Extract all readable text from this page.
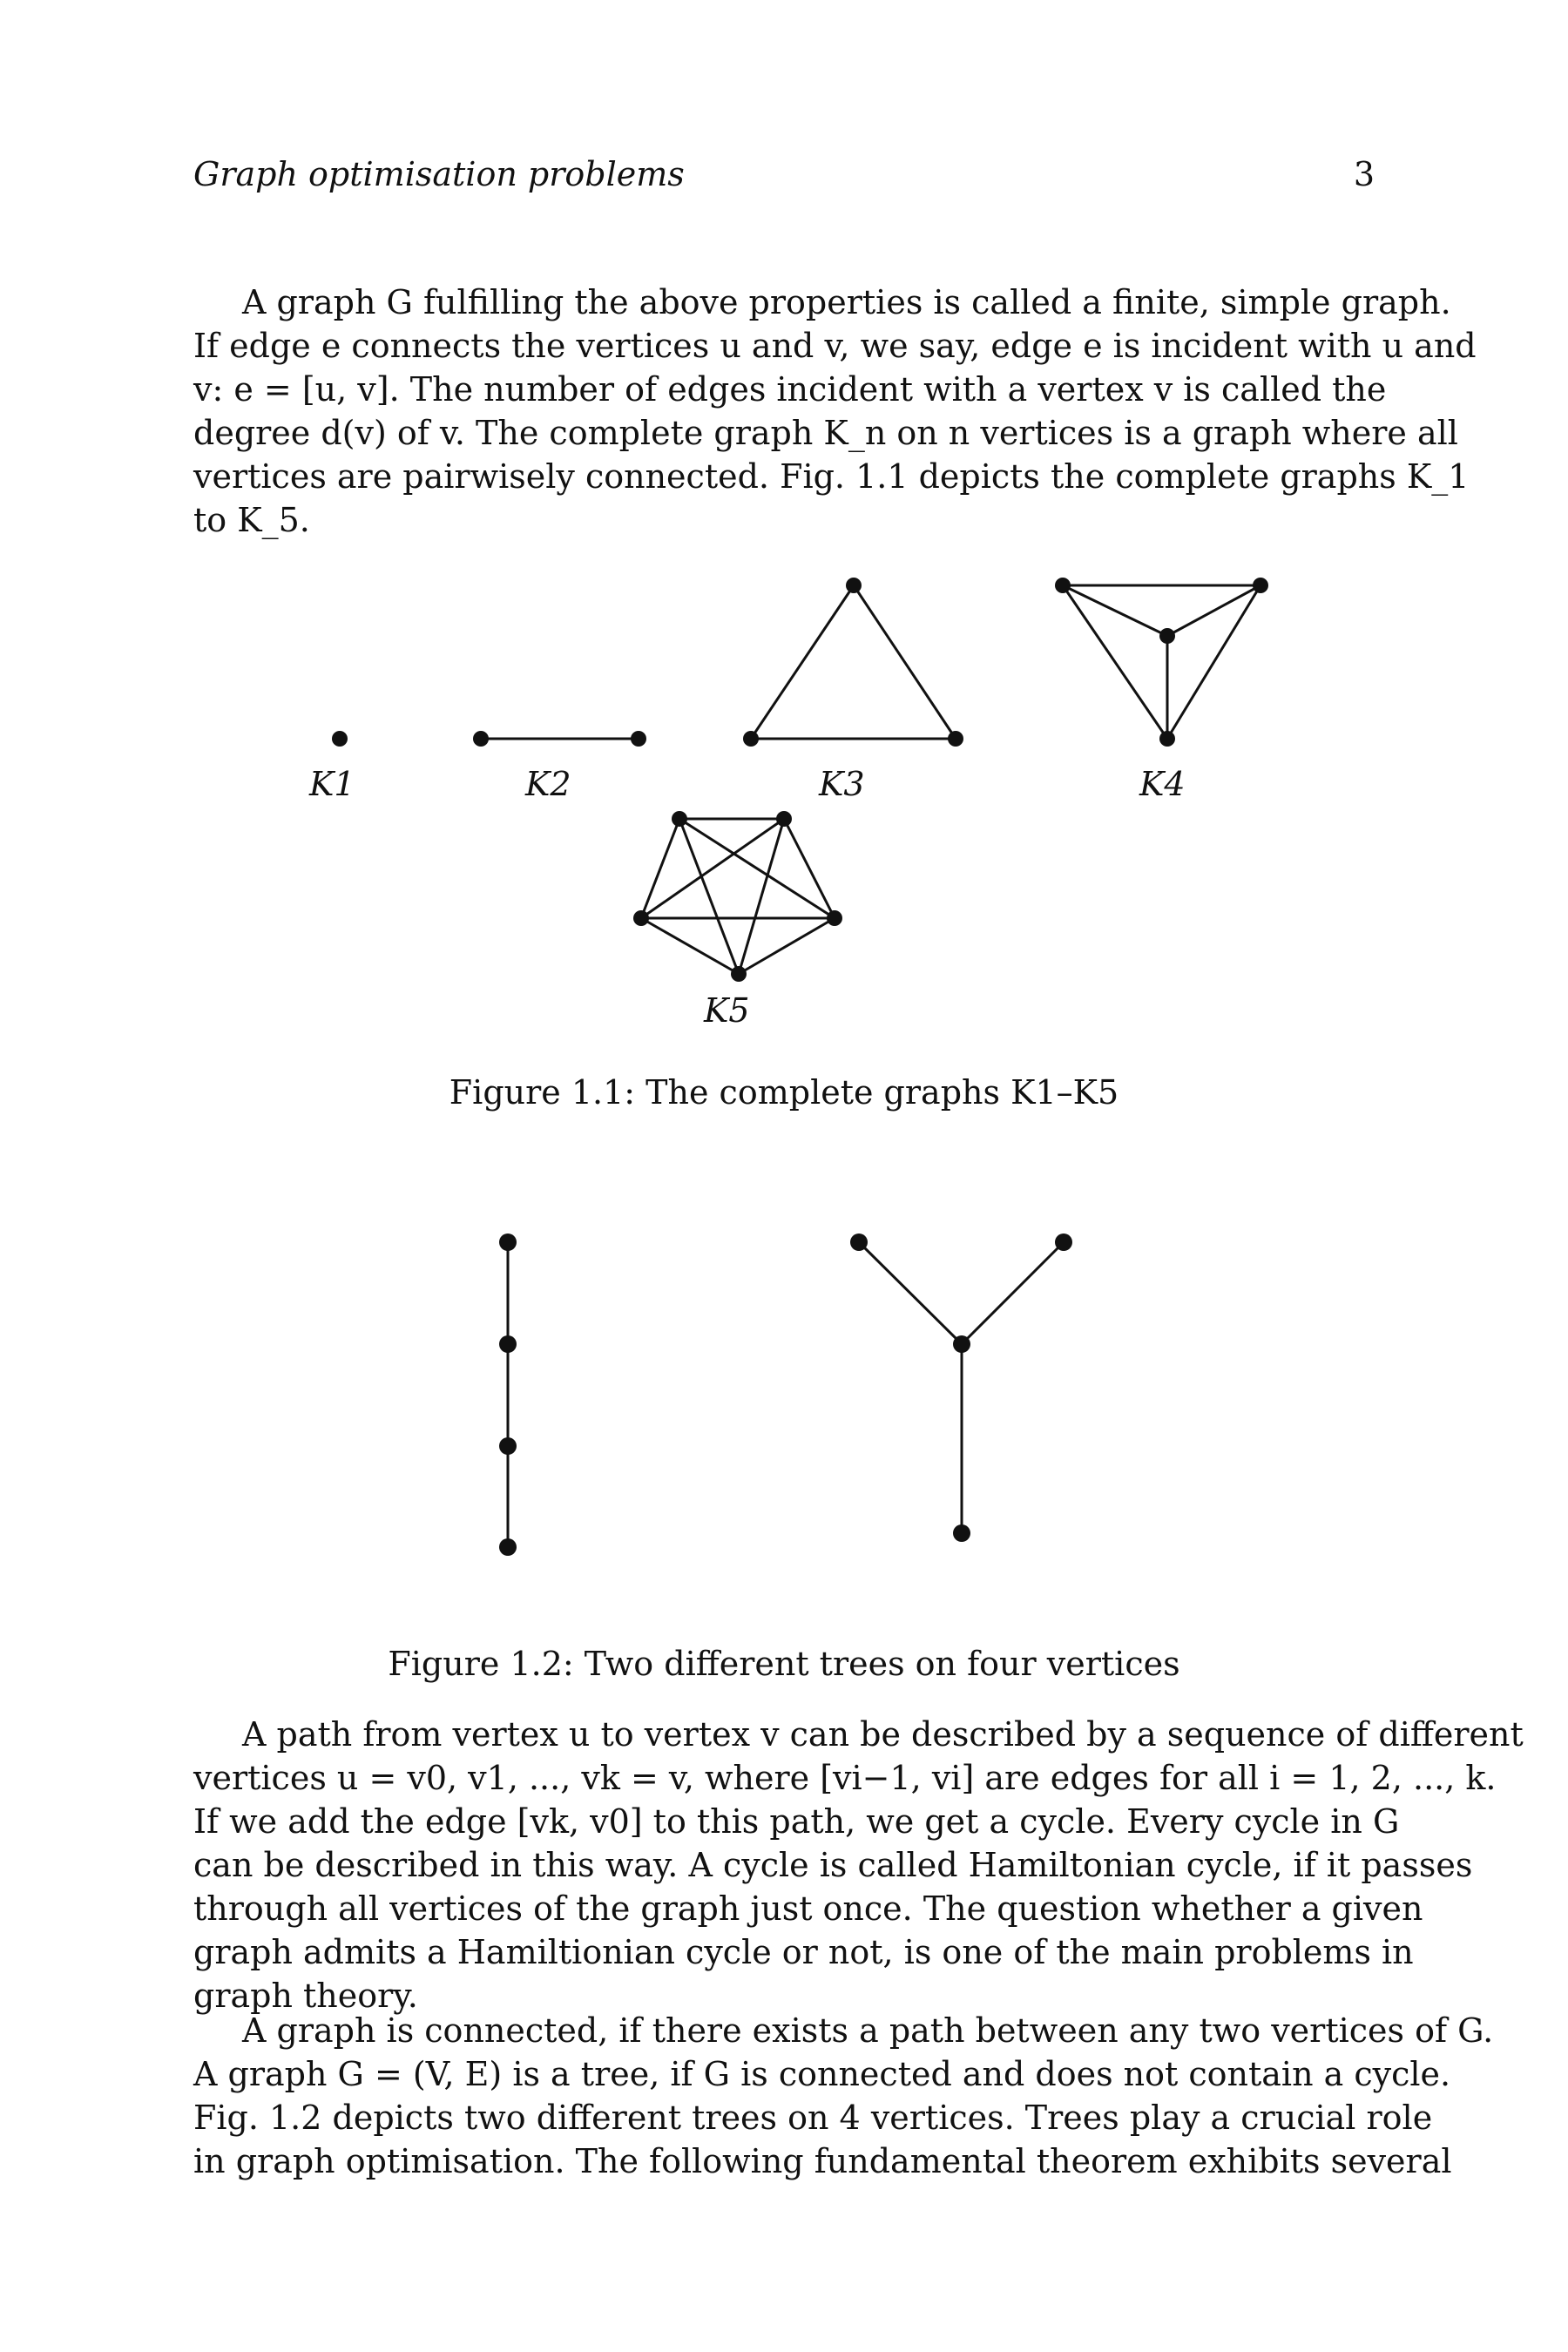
Graph optimisation problems	3
A graph G fulfilling the above properties is called a finite, simple graph.
If edge e connects the vertices u and v, we say, edge e is incident with u and
v: e = [u, v]. The number of edges incident with a vertex v is called the
degree d(v) of v. The complete graph K_n on n vertices is a graph where all
vertices are pairwisely connected. Fig. 1.1 depicts the complete graphs K_1
to K_5.
K1	K2	K3	K4
K5
Figure 1.1: The complete graphs K1–K5
Figure 1.2: Two different trees on four vertices
A path from vertex u to vertex v can be described by a sequence of different
vertices u = v0, v1, ..., vk = v, where [vi−1, vi] are edges for all i = 1, 2, ..., k.
If we add the edge [vk, v0] to this path, we get a cycle. Every cycle in G
can be described in this way. A cycle is called Hamiltonian cycle, if it passes
through all vertices of the graph just once. The question whether a given
graph admits a Hamiltionian cycle or not, is one of the main problems in
graph theory.
A graph is connected, if there exists a path between any two vertices of G.
A graph G = (V, E) is a tree, if G is connected and does not contain a cycle.
Fig. 1.2 depicts two different trees on 4 vertices. Trees play a crucial role
in graph optimisation. The following fundamental theorem exhibits several
